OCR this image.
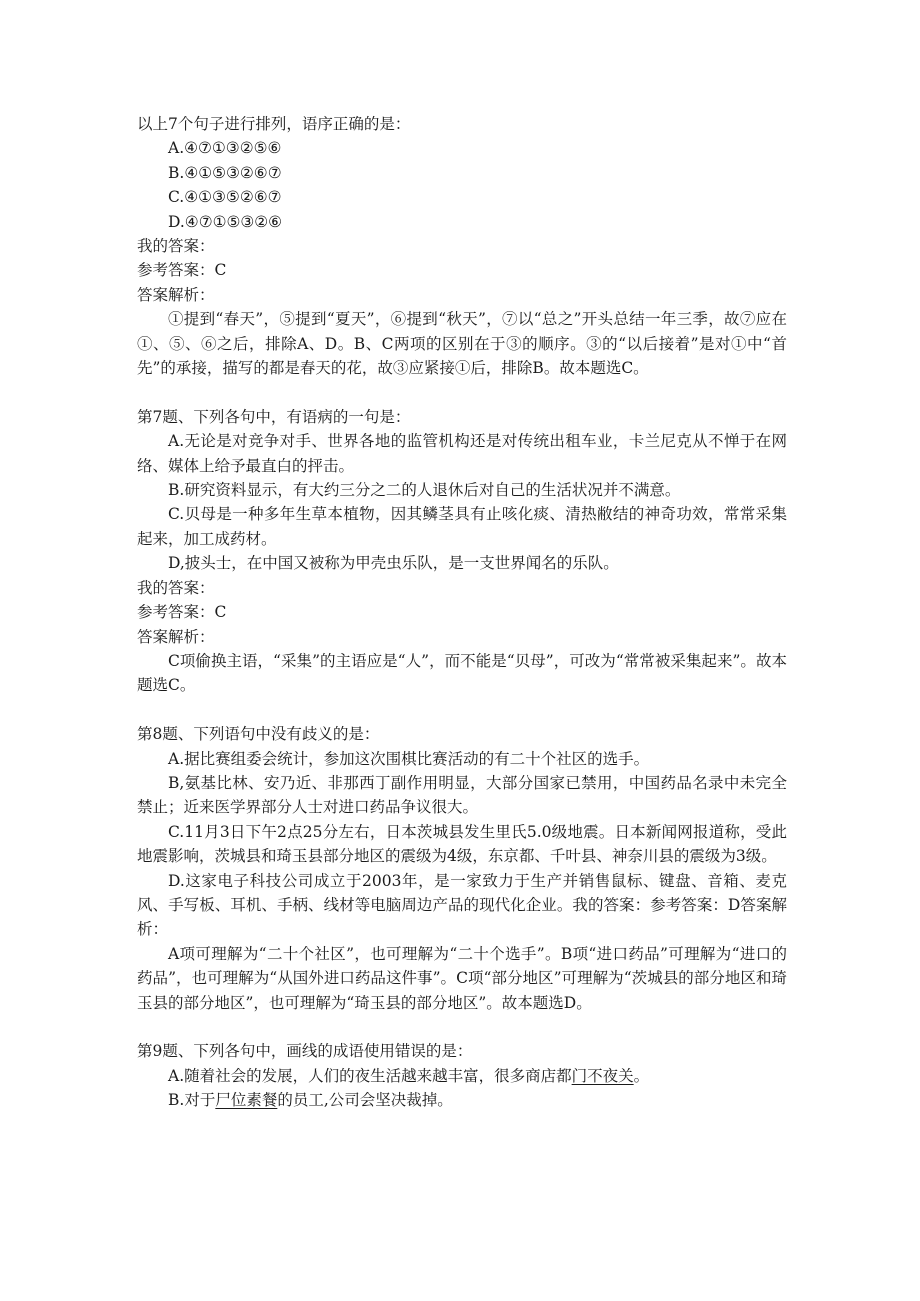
以上7个句子进行排列，语序正确的是：
A.④⑦①③②⑤⑥
B.④①⑤③②⑥⑦
C.④①③⑤②⑥⑦
D.④⑦①⑤③②⑥
我的答案：
参考答案：C
答案解析：

①提到“春天”，⑤提到“夏天”，⑥提到“秋天”，⑦以“总之”开头总结一年三季，故⑦应在①、⑤、⑥之后，排除A、D。B、C两项的区别在于③的顺序。③的“以后接着”是对①中“首先”的承接，描写的都是春天的花，故③应紧接①后，排除B。故本题选C。

第7题、下列各句中，有语病的一句是：

A.无论是对竞争对手、世界各地的监管机构还是对传统出租车业，卡兰尼克从不惮于在网络、媒体上给予最直白的抨击。

B.研究资料显示，有大约三分之二的人退休后对自己的生活状况并不满意。

C.贝母是一种多年生草本植物，因其鳞茎具有止咳化痰、清热敝结的神奇功效，常常采集起来，加工成药材。

D,披头士，在中国又被称为甲壳虫乐队，是一支世界闻名的乐队。

我的答案：
参考答案：C
答案解析：

C项偷换主语，“采集”的主语应是“人”，而不能是“贝母”，可改为“常常被采集起来”。故本题选C。

第8题、下列语句中没有歧义的是：

A.据比赛组委会统计，参加这次围棋比赛活动的有二十个社区的选手。

B,氨基比林、安乃近、非那西丁副作用明显，大部分国家已禁用，中国药品名录中未完全禁止；近来医学界部分人士对进口药品争议很大。

C.11月3日下午2点25分左右，日本茨城县发生里氏5.0级地震。日本新闻网报道称，受此地震影响，茨城县和琦玉县部分地区的震级为4级，东京都、千叶县、神奈川县的震级为3级。

D.这家电子科技公司成立于2003年，是一家致力于生产并销售鼠标、键盘、音箱、麦克风、手写板、耳机、手柄、线材等电脑周边产品的现代化企业。我的答案：参考答案：D答案解析：

A项可理解为“二十个社区”，也可理解为“二十个选手”。B项“进口药品”可理解为“进口的药品”，也可理解为“从国外进口药品这件事”。C项“部分地区”可理解为“茨城县的部分地区和琦玉县的部分地区”，也可理解为“琦玉县的部分地区”。故本题选D。

第9题、下列各句中，画线的成语使用错误的是：
A.随着社会的发展，人们的夜生活越来越丰富，很多商店都门不夜关。
B.对于尸位素餐的员工,公司会坚决裁掉。
